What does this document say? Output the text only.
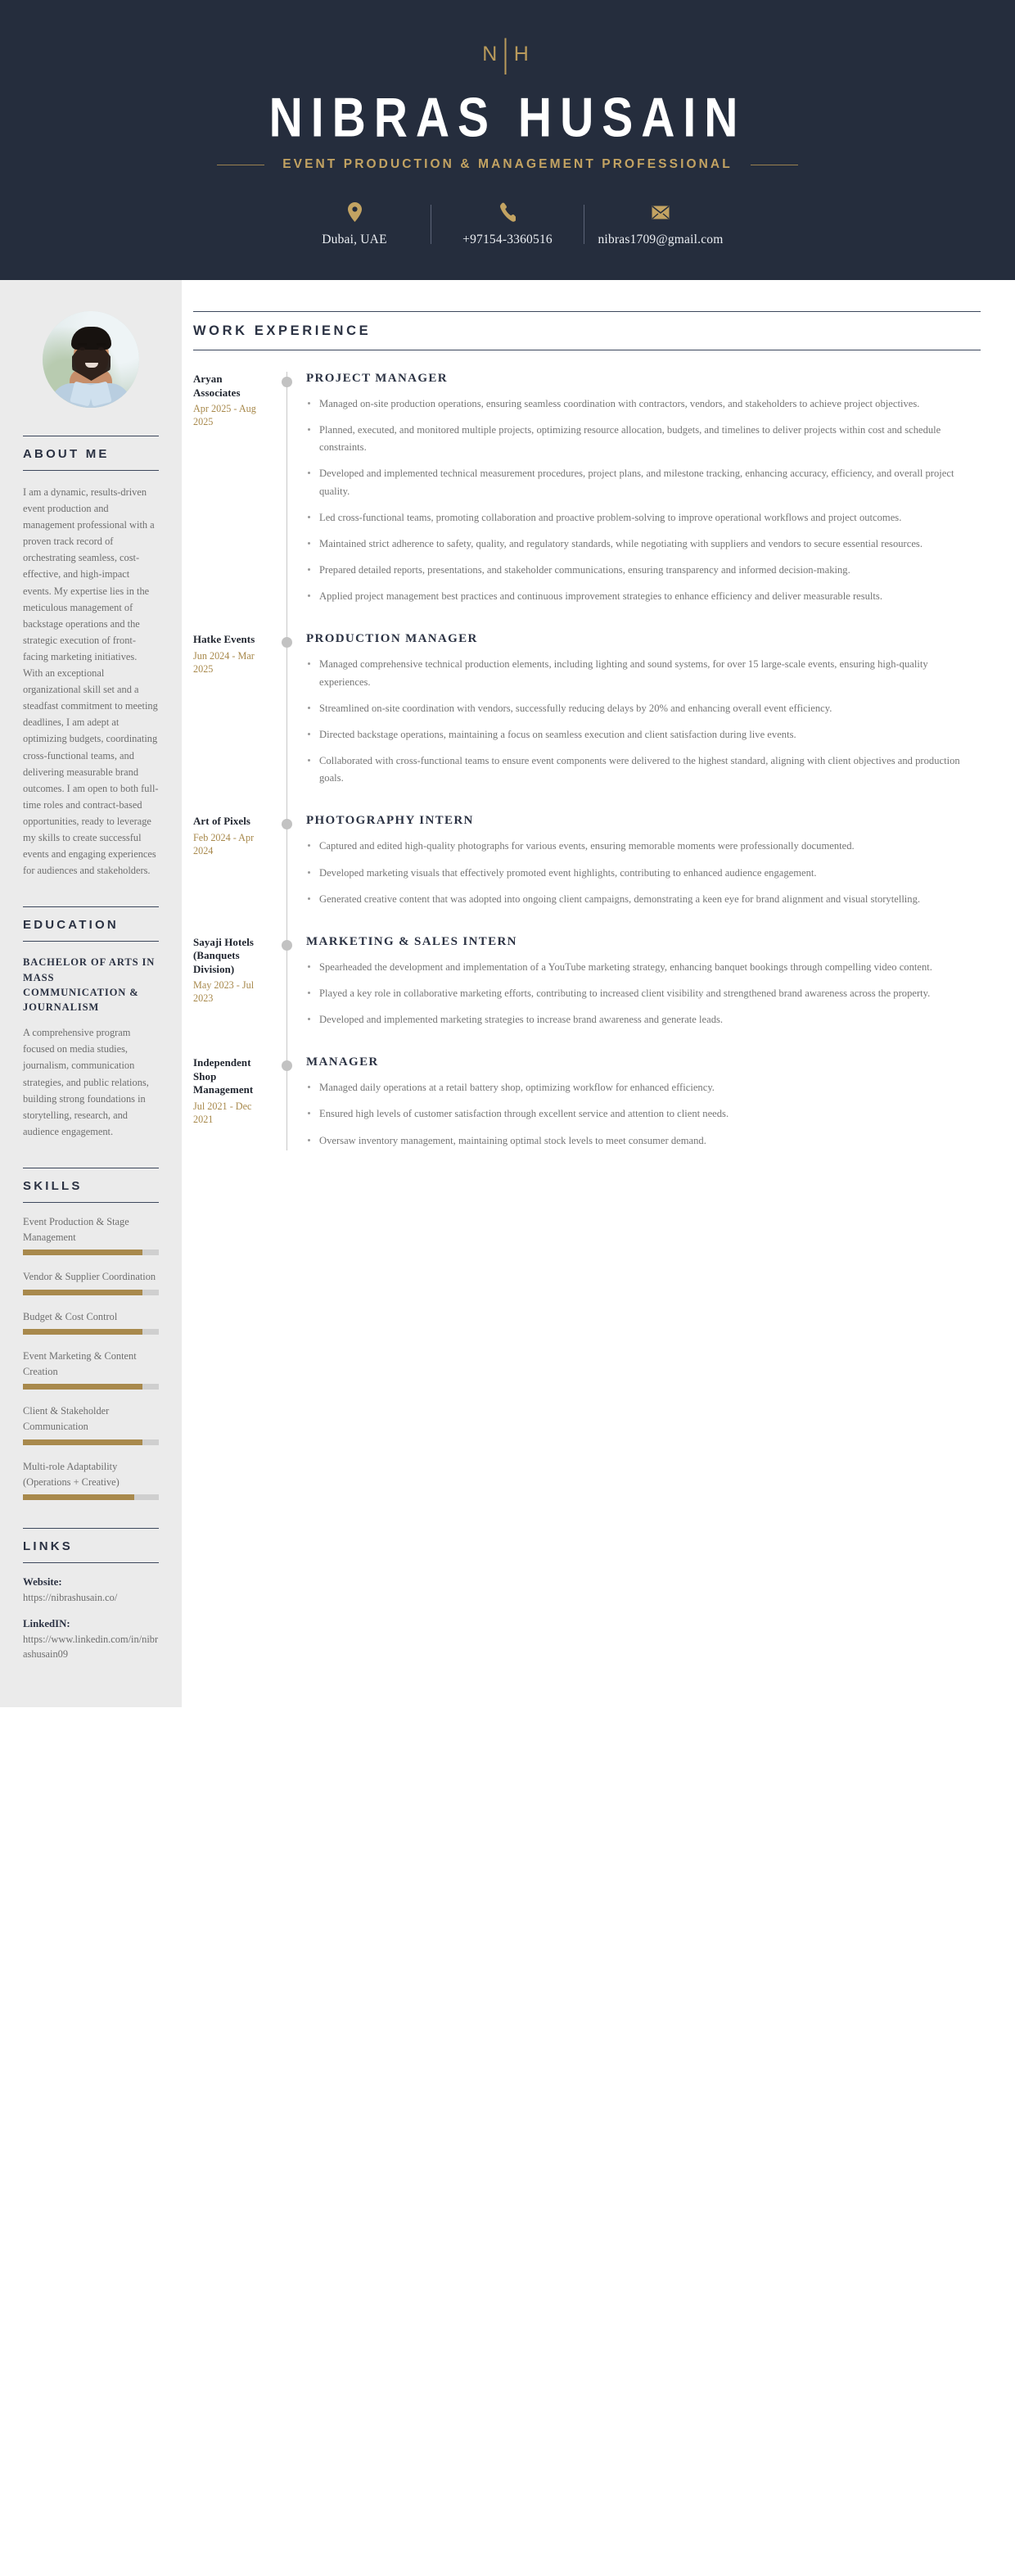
N|H
NIBRAS HUSAIN
EVENT PRODUCTION & MANAGEMENT PROFESSIONAL
Dubai, UAE	+97154-3360516	nibras1709@gmail.com
ABOUT ME
I am a dynamic, results-driven event production and management professional with a proven track record of orchestrating seamless, cost-effective, and high-impact events. My expertise lies in the meticulous management of backstage operations and the strategic execution of front-facing marketing initiatives. With an exceptional organizational skill set and a steadfast commitment to meeting deadlines, I am adept at optimizing budgets, coordinating cross-functional teams, and delivering measurable brand outcomes. I am open to both full-time roles and contract-based opportunities, ready to leverage my skills to create successful events and engaging experiences for audiences and stakeholders.
EDUCATION
BACHELOR OF ARTS IN MASS COMMUNICATION & JOURNALISM
A comprehensive program focused on media studies, journalism, communication strategies, and public relations, building strong foundations in storytelling, research, and audience engagement.
SKILLS
Event Production & Stage Management
Vendor & Supplier Coordination
Budget & Cost Control
Event Marketing & Content Creation
Client & Stakeholder Communication
Multi-role Adaptability (Operations + Creative)
LINKS
Website:
https://nibrashusain.co/
LinkedIN:
https://www.linkedin.com/in/nibrashusain09
WORK EXPERIENCE
Aryan Associates
Apr 2025 - Aug 2025
PROJECT MANAGER
Managed on-site production operations, ensuring seamless coordination with contractors, vendors, and stakeholders to achieve project objectives.
Planned, executed, and monitored multiple projects, optimizing resource allocation, budgets, and timelines to deliver projects within cost and schedule constraints.
Developed and implemented technical measurement procedures, project plans, and milestone tracking, enhancing accuracy, efficiency, and overall project quality.
Led cross-functional teams, promoting collaboration and proactive problem-solving to improve operational workflows and project outcomes.
Maintained strict adherence to safety, quality, and regulatory standards, while negotiating with suppliers and vendors to secure essential resources.
Prepared detailed reports, presentations, and stakeholder communications, ensuring transparency and informed decision-making.
Applied project management best practices and continuous improvement strategies to enhance efficiency and deliver measurable results.
Hatke Events
Jun 2024 - Mar 2025
PRODUCTION MANAGER
Managed comprehensive technical production elements, including lighting and sound systems, for over 15 large-scale events, ensuring high-quality experiences.
Streamlined on-site coordination with vendors, successfully reducing delays by 20% and enhancing overall event efficiency.
Directed backstage operations, maintaining a focus on seamless execution and client satisfaction during live events.
Collaborated with cross-functional teams to ensure event components were delivered to the highest standard, aligning with client objectives and production goals.
Art of Pixels
Feb 2024 - Apr 2024
PHOTOGRAPHY INTERN
Captured and edited high-quality photographs for various events, ensuring memorable moments were professionally documented.
Developed marketing visuals that effectively promoted event highlights, contributing to enhanced audience engagement.
Generated creative content that was adopted into ongoing client campaigns, demonstrating a keen eye for brand alignment and visual storytelling.
Sayaji Hotels (Banquets Division)
May 2023 - Jul 2023
MARKETING & SALES INTERN
Spearheaded the development and implementation of a YouTube marketing strategy, enhancing banquet bookings through compelling video content.
Played a key role in collaborative marketing efforts, contributing to increased client visibility and strengthened brand awareness across the property.
Developed and implemented marketing strategies to increase brand awareness and generate leads.
Independent Shop Management
Jul 2021 - Dec 2021
MANAGER
Managed daily operations at a retail battery shop, optimizing workflow for enhanced efficiency.
Ensured high levels of customer satisfaction through excellent service and attention to client needs.
Oversaw inventory management, maintaining optimal stock levels to meet consumer demand.
